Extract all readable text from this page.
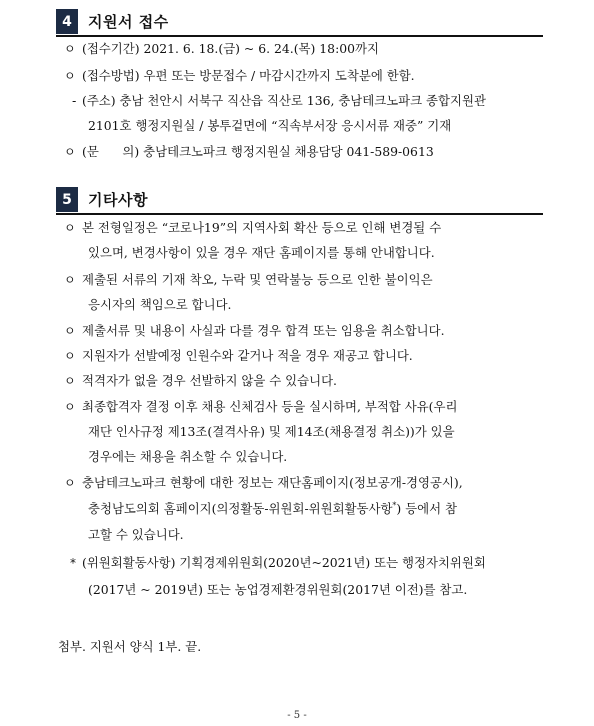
4	지원서 접수
ㅇ (접수기간) 2021. 6. 18.(금) ~ 6. 24.(목) 18:00까지
ㅇ (접수방법) 우편 또는 방문접수 / 마감시간까지 도착분에 한함.
- (주소) 충남 천안시 서북구 직산읍 직산로 136, 충남테크노파크 종합지원관
2101호 행정지원실 / 봉투겉면에 “직속부서장 응시서류 재중” 기재
ㅇ (문      의) 충남테크노파크 행정지원실 채용담당 041-589-0613
5	기타사항
ㅇ 본 전형일정은 “코로나19”의 지역사회 확산 등으로 인해 변경될 수
있으며, 변경사항이 있을 경우 재단 홈페이지를 통해 안내합니다.
ㅇ 제출된 서류의 기재 착오, 누락 및 연락불능 등으로 인한 불이익은
응시자의 책임으로 합니다.
ㅇ 제출서류 및 내용이 사실과 다를 경우 합격 또는 임용을 취소합니다.
ㅇ 지원자가 선발예정 인원수와 같거나 적을 경우 재공고 합니다.
ㅇ 적격자가 없을 경우 선발하지 않을 수 있습니다.
ㅇ 최종합격자 결정 이후 채용 신체검사 등을 실시하며, 부적합 사유(우리
재단 인사규정 제13조(결격사유) 및 제14조(채용결정 취소))가 있을
경우에는 채용을 취소할 수 있습니다.
ㅇ 충남테크노파크 현황에 대한 정보는 재단홈페이지(정보공개-경영공시),
충청남도의회 홈페이지(의정활동-위원회-위원회활동사항*) 등에서 참
고할 수 있습니다.
* (위원회활동사항) 기획경제위원회(2020년~2021년) 또는 행정자치위원회
(2017년 ~ 2019년) 또는 농업경제환경위원회(2017년 이전)를 참고.
첨부. 지원서 양식 1부. 끝.
- 5 -
